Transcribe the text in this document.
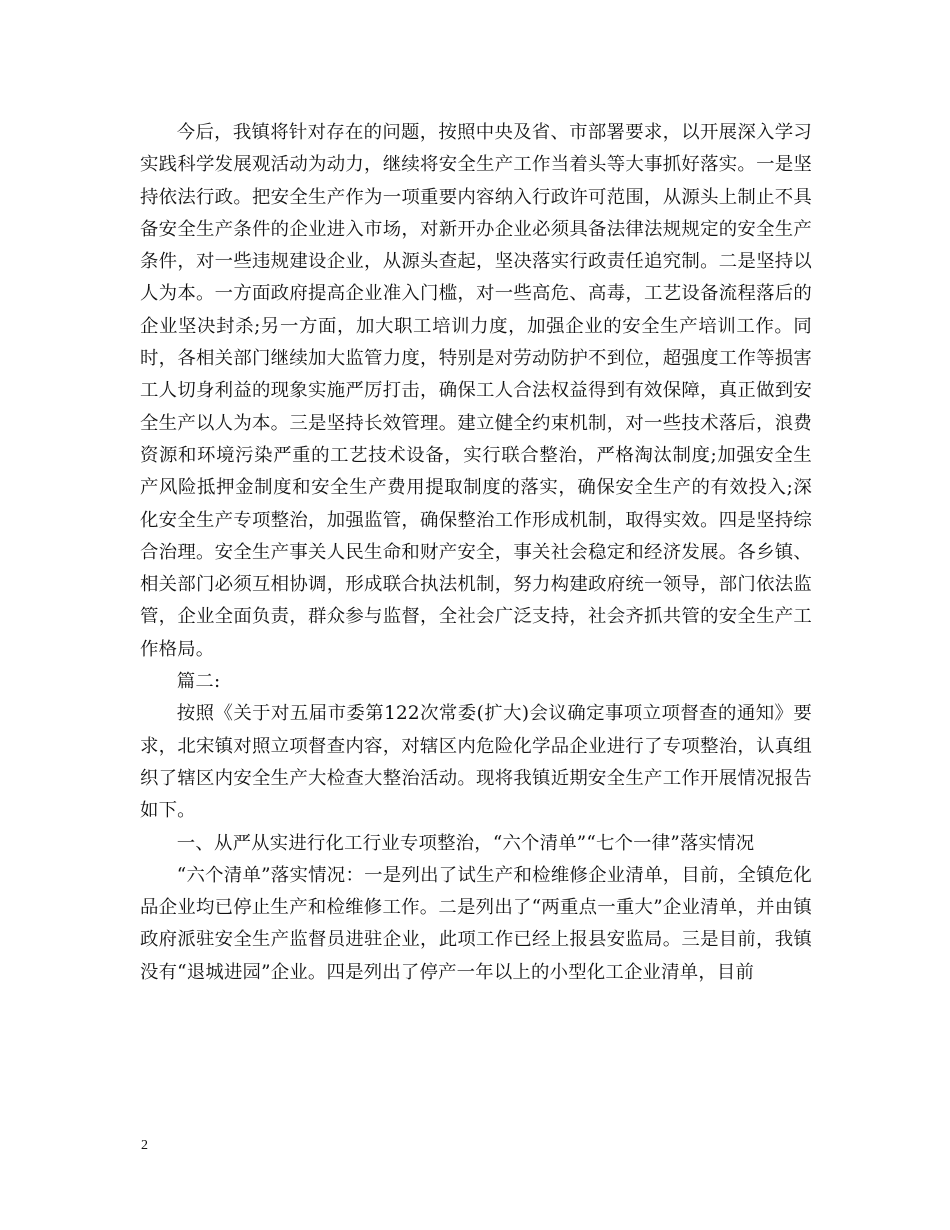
今后，我镇将针对存在的问题，按照中央及省、市部署要求，以开展深入学习实践科学发展观活动为动力，继续将安全生产工作当着头等大事抓好落实。一是坚持依法行政。把安全生产作为一项重要内容纳入行政许可范围，从源头上制止不具备安全生产条件的企业进入市场，对新开办企业必须具备法律法规规定的安全生产条件，对一些违规建设企业，从源头查起，坚决落实行政责任追究制。二是坚持以人为本。一方面政府提高企业准入门槛，对一些高危、高毒，工艺设备流程落后的企业坚决封杀;另一方面，加大职工培训力度，加强企业的安全生产培训工作。同时，各相关部门继续加大监管力度，特别是对劳动防护不到位，超强度工作等损害工人切身利益的现象实施严厉打击，确保工人合法权益得到有效保障，真正做到安全生产以人为本。三是坚持长效管理。建立健全约束机制，对一些技术落后，浪费资源和环境污染严重的工艺技术设备，实行联合整治，严格淘汰制度;加强安全生产风险抵押金制度和安全生产费用提取制度的落实，确保安全生产的有效投入;深化安全生产专项整治，加强监管，确保整治工作形成机制，取得实效。四是坚持综合治理。安全生产事关人民生命和财产安全，事关社会稳定和经济发展。各乡镇、相关部门必须互相协调，形成联合执法机制，努力构建政府统一领导，部门依法监管，企业全面负责，群众参与监督，全社会广泛支持，社会齐抓共管的安全生产工作格局。

篇二:

按照《关于对五届市委第122次常委(扩大)会议确定事项立项督查的通知》要求，北宋镇对照立项督查内容，对辖区内危险化学品企业进行了专项整治，认真组织了辖区内安全生产大检查大整治活动。现将我镇近期安全生产工作开展情况报告如下。

一、从严从实进行化工行业专项整治，“六个清单”“七个一律”落实情况

“六个清单”落实情况：一是列出了试生产和检维修企业清单，目前，全镇危化品企业均已停止生产和检维修工作。二是列出了“两重点一重大”企业清单，并由镇政府派驻安全生产监督员进驻企业，此项工作已经上报县安监局。三是目前，我镇没有“退城进园”企业。四是列出了停产一年以上的小型化工企业清单，目前

2
